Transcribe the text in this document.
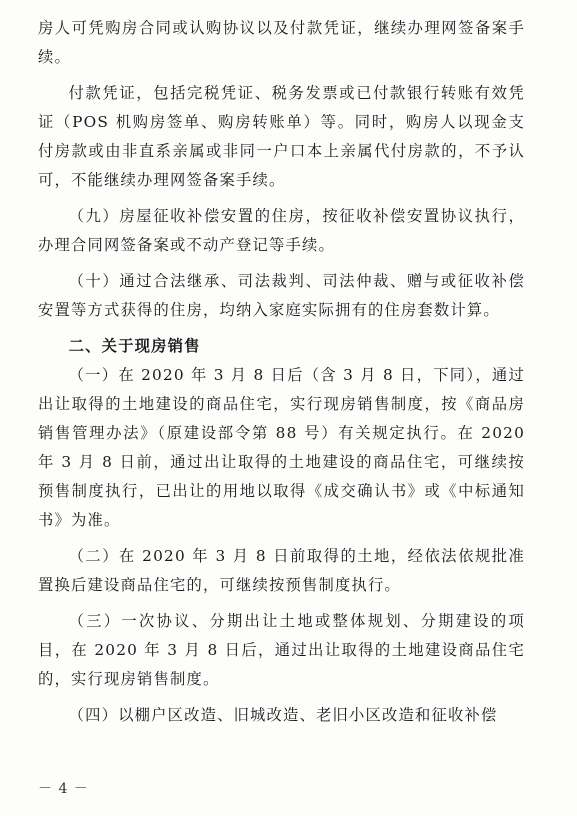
房人可凭购房合同或认购协议以及付款凭证，继续办理网签备案手续。

付款凭证，包括完税凭证、税务发票或已付款银行转账有效凭证（POS 机购房签单、购房转账单）等。同时，购房人以现金支付房款或由非直系亲属或非同一户口本上亲属代付房款的，不予认可，不能继续办理网签备案手续。

（九）房屋征收补偿安置的住房，按征收补偿安置协议执行，办理合同网签备案或不动产登记等手续。

（十）通过合法继承、司法裁判、司法仲裁、赠与或征收补偿安置等方式获得的住房，均纳入家庭实际拥有的住房套数计算。

二、关于现房销售

（一）在 2020 年 3 月 8 日后（含 3 月 8 日，下同），通过出让取得的土地建设的商品住宅，实行现房销售制度，按《商品房销售管理办法》（原建设部令第 88 号）有关规定执行。在 2020 年 3 月 8 日前，通过出让取得的土地建设的商品住宅，可继续按预售制度执行，已出让的用地以取得《成交确认书》或《中标通知书》为准。

（二）在 2020 年 3 月 8 日前取得的土地，经依法依规批准置换后建设商品住宅的，可继续按预售制度执行。

（三）一次协议、分期出让土地或整体规划、分期建设的项目，在 2020 年 3 月 8 日后，通过出让取得的土地建设商品住宅的，实行现房销售制度。

（四）以棚户区改造、旧城改造、老旧小区改造和征收补偿

－ 4 －
